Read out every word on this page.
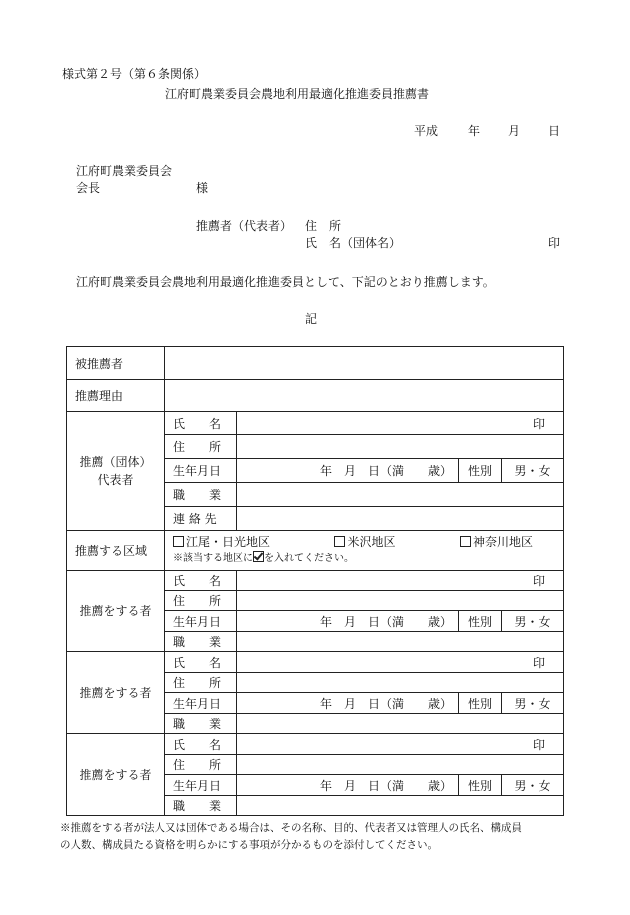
様式第２号（第６条関係）
江府町農業委員会農地利用最適化推進委員推薦書
平成 年 月 日
江府町農業委員会
会長	様
推薦者（代表者） 住　所
氏　名（団体名）	印
江府町農業委員会農地利用最適化推進委員として、下記のとおり推薦します。
記
被推薦者				
推薦理由				

推薦（団体）
代表者	氏　　名	印		
	住　　所			
	生年月日	年　月　日（満　　歳）	性別	男・女
	職　　業			
	連 絡 先			
推薦する区域	江尾・日光地区 米沢地区 神奈川地区
※該当する地区に を入れてください。			

推薦をする者	氏　　名	印		
	住　　所			
	生年月日	年　月　日（満　　歳）	性別	男・女
	職　　業			
推薦をする者	氏　　名	印		
	住　　所			
	生年月日	年　月　日（満　　歳）	性別	男・女
	職　　業			
推薦をする者	氏　　名	印		
	住　　所			
	生年月日	年　月　日（満　　歳）	性別	男・女
	職　　業			
※推薦をする者が法人又は団体である場合は、その名称、目的、代表者又は管理人の氏名、構成員
の人数、構成員たる資格を明らかにする事項が分かるものを添付してください。
